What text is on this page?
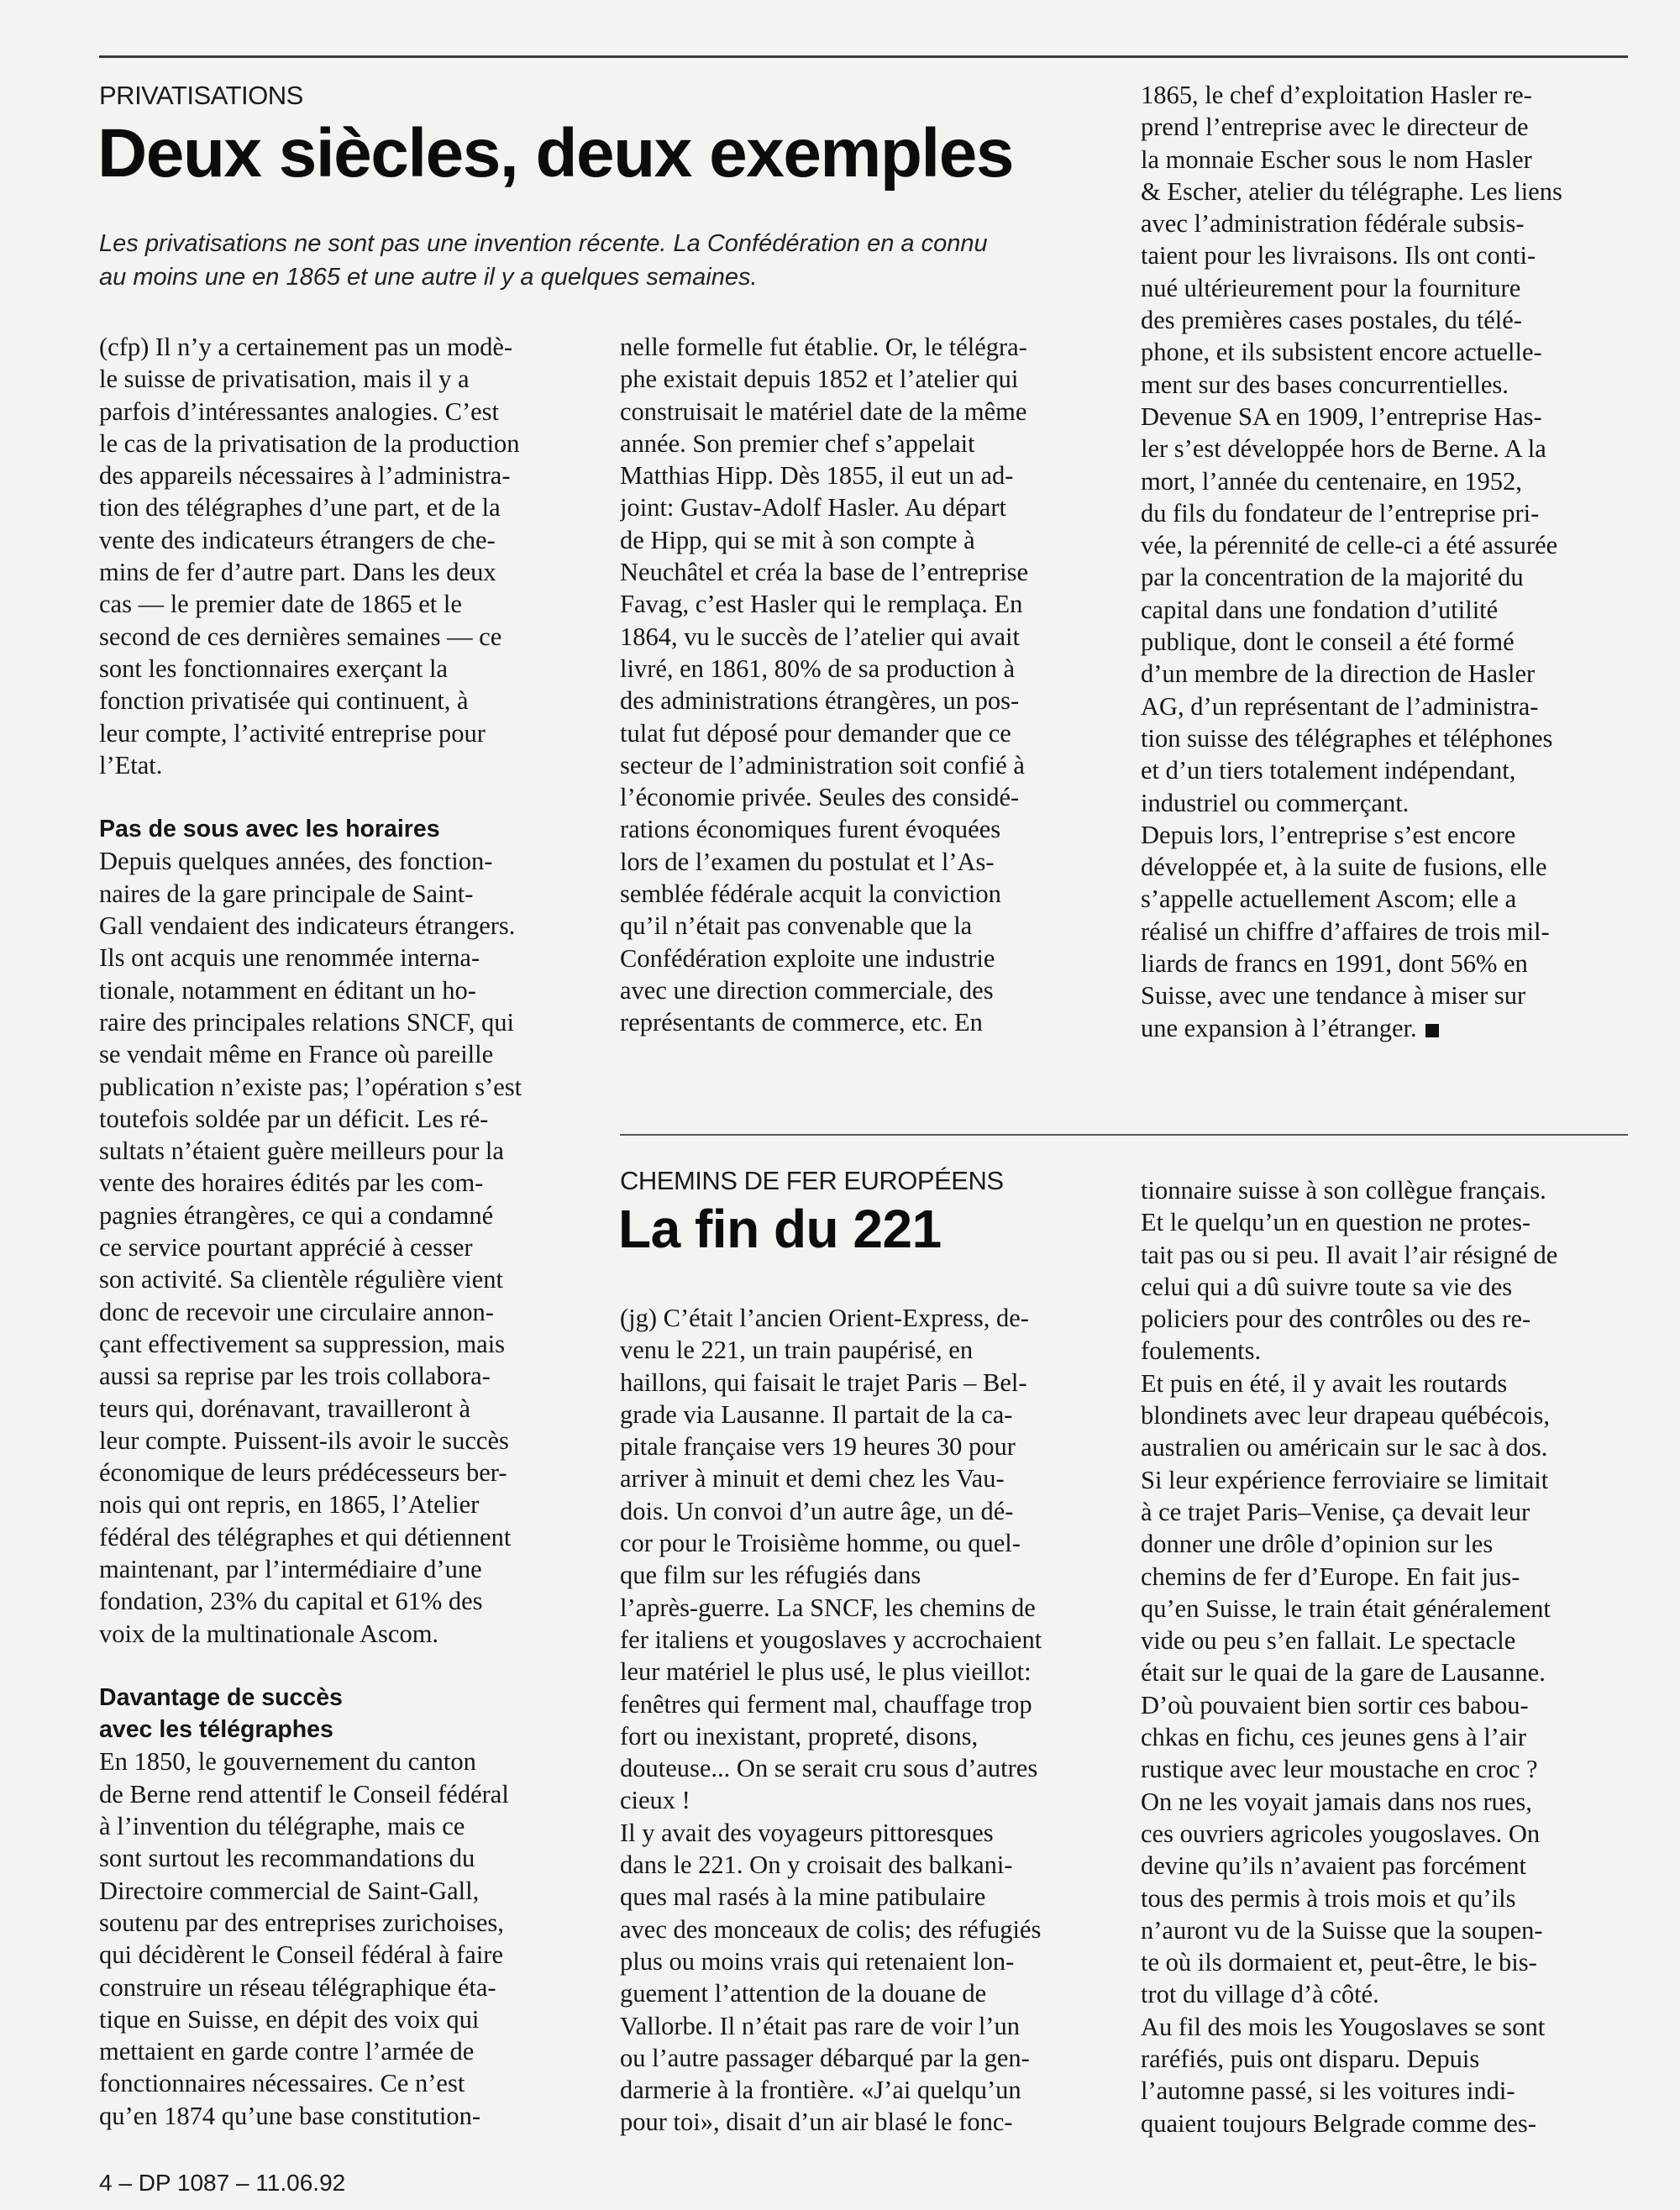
PRIVATISATIONS
Deux siècles, deux exemples

Les privatisations ne sont pas une invention récente. La Confédération en a connu

au moins une en 1865 et une autre il y a quelques semaines.

(cfp) Il n’y a certainement pas un modè-
le suisse de privatisation, mais il y a
parfois d’intéressantes analogies. C’est
le cas de la privatisation de la production
des appareils nécessaires à l’administra-
tion des télégraphes d’une part, et de la
vente des indicateurs étrangers de che-
mins de fer d’autre part. Dans les deux
cas — le premier date de 1865 et le
second de ces dernières semaines — ce
sont les fonctionnaires exerçant la
fonction privatisée qui continuent, à
leur compte, l’activité entreprise pour
l’Etat.
Pas de sous avec les horaires
Depuis quelques années, des fonction-
naires de la gare principale de Saint-
Gall vendaient des indicateurs étrangers.
Ils ont acquis une renommée interna-
tionale, notamment en éditant un ho-
raire des principales relations SNCF, qui
se vendait même en France où pareille
publication n’existe pas; l’opération s’est
toutefois soldée par un déficit. Les ré-
sultats n’étaient guère meilleurs pour la
vente des horaires édités par les com-
pagnies étrangères, ce qui a condamné
ce service pourtant apprécié à cesser
son activité. Sa clientèle régulière vient
donc de recevoir une circulaire annon-
çant effectivement sa suppression, mais
aussi sa reprise par les trois collabora-
teurs qui, dorénavant, travailleront à
leur compte. Puissent-ils avoir le succès
économique de leurs prédécesseurs ber-
nois qui ont repris, en 1865, l’Atelier
fédéral des télégraphes et qui détiennent
maintenant, par l’intermédiaire d’une
fondation, 23% du capital et 61% des
voix de la multinationale Ascom.
Davantage de succès
avec les télégraphes
En 1850, le gouvernement du canton
de Berne rend attentif le Conseil fédéral
à l’invention du télégraphe, mais ce
sont surtout les recommandations du
Directoire commercial de Saint-Gall,
soutenu par des entreprises zurichoises,
qui décidèrent le Conseil fédéral à faire
construire un réseau télégraphique éta-
tique en Suisse, en dépit des voix qui
mettaient en garde contre l’armée de
fonctionnaires nécessaires. Ce n’est
qu’en 1874 qu’une base constitution-
nelle formelle fut établie. Or, le télégra-
phe existait depuis 1852 et l’atelier qui
construisait le matériel date de la même
année. Son premier chef s’appelait
Matthias Hipp. Dès 1855, il eut un ad-
joint: Gustav-Adolf Hasler. Au départ
de Hipp, qui se mit à son compte à
Neuchâtel et créa la base de l’entreprise
Favag, c’est Hasler qui le remplaça. En
1864, vu le succès de l’atelier qui avait
livré, en 1861, 80% de sa production à
des administrations étrangères, un pos-
tulat fut déposé pour demander que ce
secteur de l’administration soit confié à
l’économie privée. Seules des considé-
rations économiques furent évoquées
lors de l’examen du postulat et l’As-
semblée fédérale acquit la conviction
qu’il n’était pas convenable que la
Confédération exploite une industrie
avec une direction commerciale, des
représentants de commerce, etc. En
1865, le chef d’exploitation Hasler re-
prend l’entreprise avec le directeur de
la monnaie Escher sous le nom Hasler
& Escher, atelier du télégraphe. Les liens
avec l’administration fédérale subsis-
taient pour les livraisons. Ils ont conti-
nué ultérieurement pour la fourniture
des premières cases postales, du télé-
phone, et ils subsistent encore actuelle-
ment sur des bases concurrentielles.
Devenue SA en 1909, l’entreprise Has-
ler s’est développée hors de Berne. A la
mort, l’année du centenaire, en 1952,
du fils du fondateur de l’entreprise pri-
vée, la pérennité de celle-ci a été assurée
par la concentration de la majorité du
capital dans une fondation d’utilité
publique, dont le conseil a été formé
d’un membre de la direction de Hasler
AG, d’un représentant de l’administra-
tion suisse des télégraphes et téléphones
et d’un tiers totalement indépendant,
industriel ou commerçant.
Depuis lors, l’entreprise s’est encore
développée et, à la suite de fusions, elle
s’appelle actuellement Ascom; elle a
réalisé un chiffre d’affaires de trois mil-
liards de francs en 1991, dont 56% en
Suisse, avec une tendance à miser sur
une expansion à l’étranger.
CHEMINS DE FER EUROPÉENS
La fin du 221
(jg) C’était l’ancien Orient-Express, de-
venu le 221, un train paupérisé, en
haillons, qui faisait le trajet Paris – Bel-
grade via Lausanne. Il partait de la ca-
pitale française vers 19 heures 30 pour
arriver à minuit et demi chez les Vau-
dois. Un convoi d’un autre âge, un dé-
cor pour le Troisième homme, ou quel-
que film sur les réfugiés dans
l’après-guerre. La SNCF, les chemins de
fer italiens et yougoslaves y accrochaient
leur matériel le plus usé, le plus vieillot:
fenêtres qui ferment mal, chauffage trop
fort ou inexistant, propreté, disons,
douteuse... On se serait cru sous d’autres
cieux !
Il y avait des voyageurs pittoresques
dans le 221. On y croisait des balkani-
ques mal rasés à la mine patibulaire
avec des monceaux de colis; des réfugiés
plus ou moins vrais qui retenaient lon-
guement l’attention de la douane de
Vallorbe. Il n’était pas rare de voir l’un
ou l’autre passager débarqué par la gen-
darmerie à la frontière. «J’ai quelqu’un
pour toi», disait d’un air blasé le fonc-
tionnaire suisse à son collègue français.
Et le quelqu’un en question ne protes-
tait pas ou si peu. Il avait l’air résigné de
celui qui a dû suivre toute sa vie des
policiers pour des contrôles ou des re-
foulements.
Et puis en été, il y avait les routards
blondinets avec leur drapeau québécois,
australien ou américain sur le sac à dos.
Si leur expérience ferroviaire se limitait
à ce trajet Paris–Venise, ça devait leur
donner une drôle d’opinion sur les
chemins de fer d’Europe. En fait jus-
qu’en Suisse, le train était généralement
vide ou peu s’en fallait. Le spectacle
était sur le quai de la gare de Lausanne.
D’où pouvaient bien sortir ces babou-
chkas en fichu, ces jeunes gens à l’air
rustique avec leur moustache en croc ?
On ne les voyait jamais dans nos rues,
ces ouvriers agricoles yougoslaves. On
devine qu’ils n’avaient pas forcément
tous des permis à trois mois et qu’ils
n’auront vu de la Suisse que la soupen-
te où ils dormaient et, peut-être, le bis-
trot du village d’à côté.
Au fil des mois les Yougoslaves se sont
raréfiés, puis ont disparu. Depuis
l’automne passé, si les voitures indi-
quaient toujours Belgrade comme des-
4 – DP 1087 – 11.06.92
